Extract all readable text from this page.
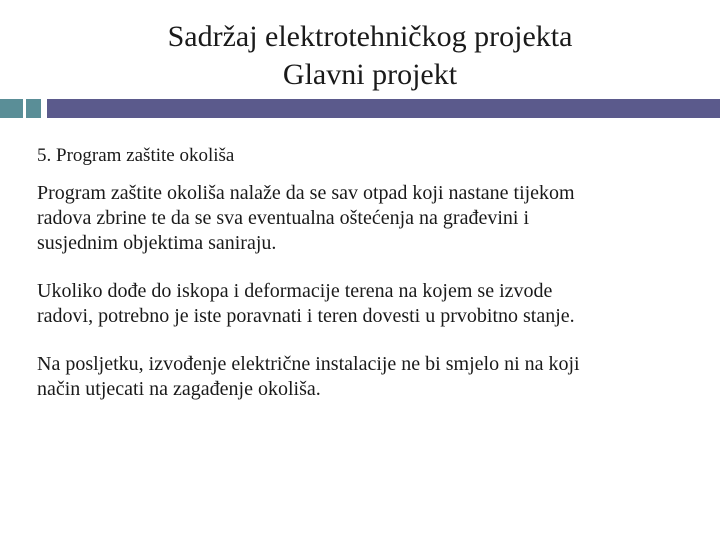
Sadržaj elektrotehničkog projekta
Glavni projekt
5. Program zaštite okoliša

Program zaštite okoliša nalaže da se sav otpad koji nastane tijekom
radova zbrine te da se sva eventualna oštećenja na građevini i
susjednim objektima saniraju.

Ukoliko dođe do iskopa i deformacije terena na kojem se izvode
radovi, potrebno je iste poravnati i teren dovesti u prvobitno stanje.

Na posljetku, izvođenje električne instalacije ne bi smjelo ni na koji
način utjecati na zagađenje okoliša.
